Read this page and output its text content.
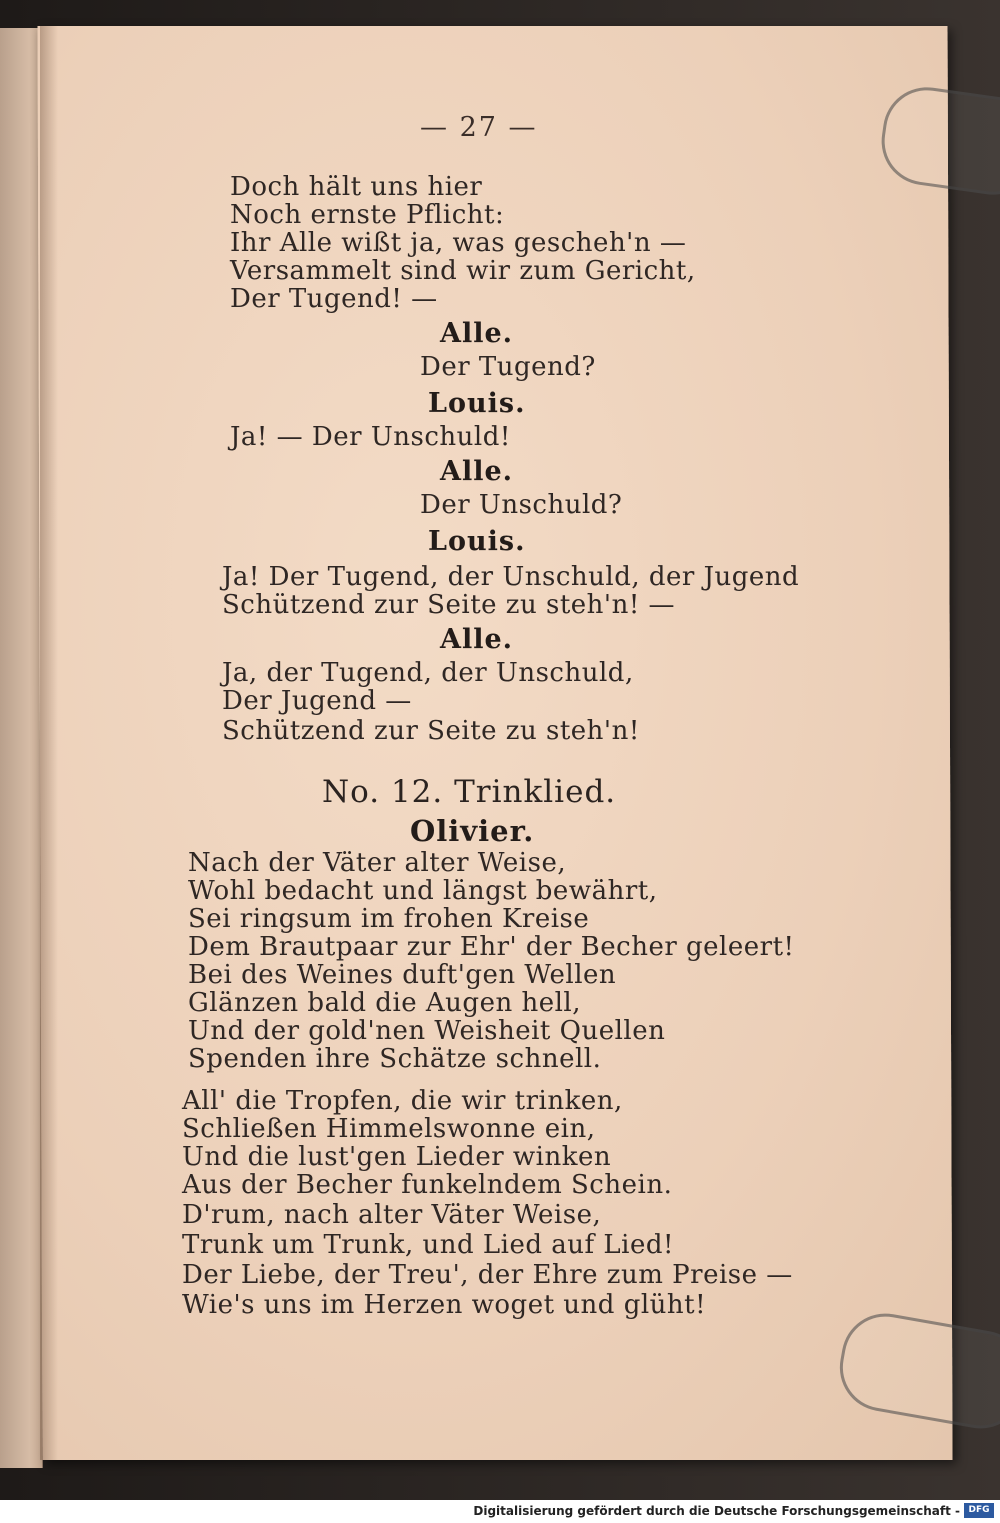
— 27 —
Doch hält uns hier
Noch ernste Pflicht:
Ihr Alle wißt ja, was gescheh'n —
Versammelt sind wir zum Gericht,
Der Tugend! —
Alle.
Der Tugend?
Louis.
Ja! — Der Unschuld!
Alle.
Der Unschuld?
Louis.
Ja! Der Tugend, der Unschuld, der Jugend
Schützend zur Seite zu steh'n! —
Alle.
Ja, der Tugend, der Unschuld,
Der Jugend —
Schützend zur Seite zu steh'n!
No. 12. Trinklied.
Olivier.
Nach der Väter alter Weise,
Wohl bedacht und längst bewährt,
Sei ringsum im frohen Kreise
Dem Brautpaar zur Ehr' der Becher geleert!
Bei des Weines duft'gen Wellen
Glänzen bald die Augen hell,
Und der gold'nen Weisheit Quellen
Spenden ihre Schätze schnell.
All' die Tropfen, die wir trinken,
Schließen Himmelswonne ein,
Und die lust'gen Lieder winken
Aus der Becher funkelndem Schein.
D'rum, nach alter Väter Weise,
Trunk um Trunk, und Lied auf Lied!
Der Liebe, der Treu', der Ehre zum Preise —
Wie's uns im Herzen woget und glüht!
Digitalisierung gefördert durch die Deutsche Forschungsgemeinschaft - DFG
